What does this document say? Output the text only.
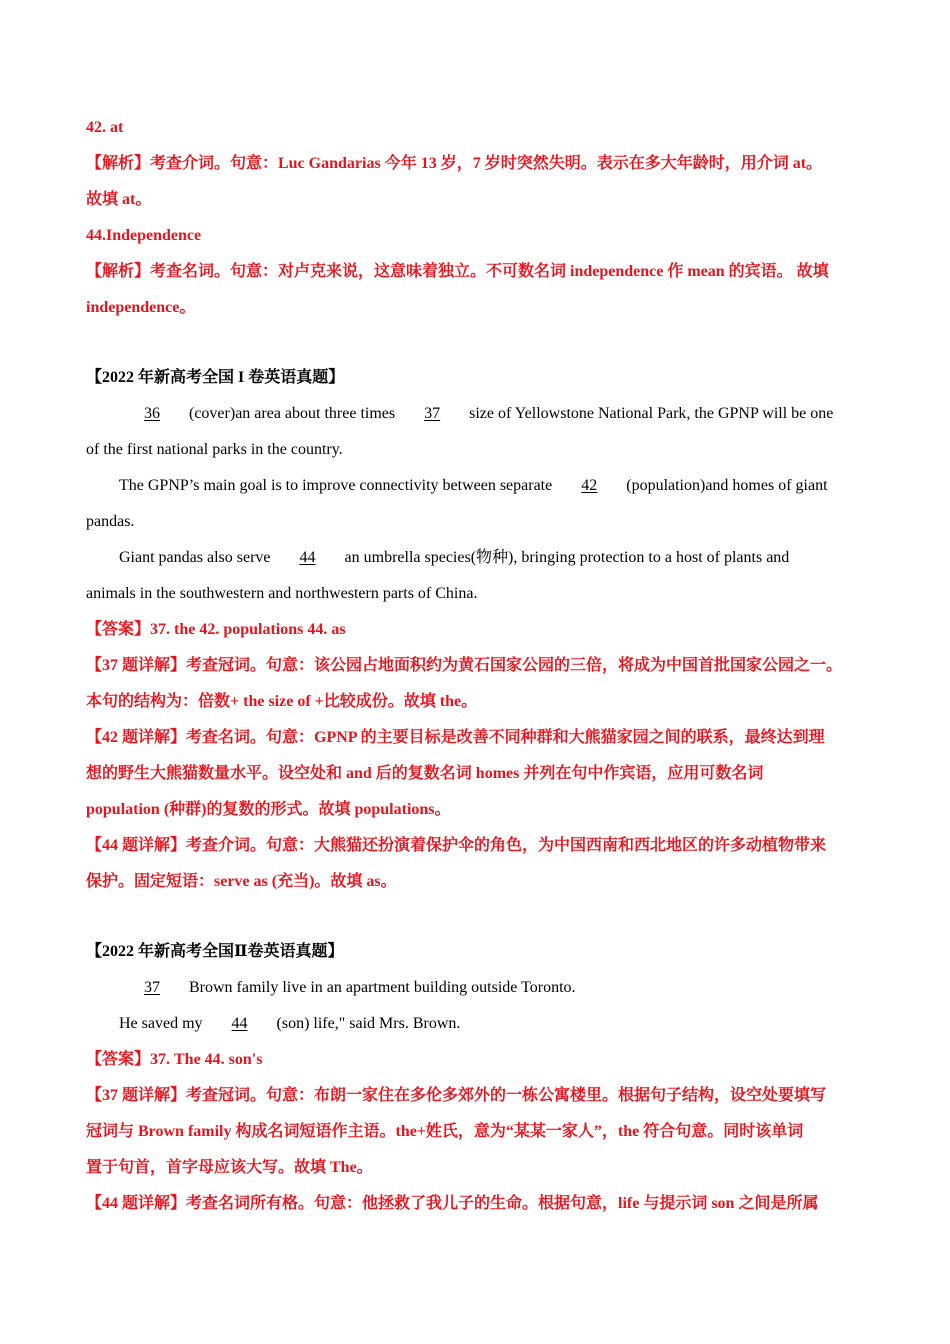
42. at
【解析】考查介词。句意：Luc Gandarias 今年 13 岁，7 岁时突然失明。表示在多大年龄时，用介词 at。
故填 at。
44.Independence
【解析】考查名词。句意：对卢克来说，这意味着独立。不可数名词 independence 作 mean 的宾语。 故填
independence。
【2022 年新高考全国 I 卷英语真题】
36 (cover)an area about three times 37 size of Yellowstone National Park, the GPNP will be one
of the first national parks in the country.
The GPNP’s main goal is to improve connectivity between separate 42 (population)and homes of giant
pandas.
Giant pandas also serve 44 an umbrella species(物种), bringing protection to a host of plants and
animals in the southwestern and northwestern parts of China.
【答案】37. the 42. populations 44. as
【37 题详解】考查冠词。句意：该公园占地面积约为黄石国家公园的三倍，将成为中国首批国家公园之一。
本句的结构为：倍数+ the size of +比较成份。故填 the。
【42 题详解】考查名词。句意：GPNP 的主要目标是改善不同种群和大熊猫家园之间的联系，最终达到理
想的野生大熊猫数量水平。设空处和 and 后的复数名词 homes 并列在句中作宾语，应用可数名词
population (种群)的复数的形式。故填 populations。
【44 题详解】考查介词。句意：大熊猫还扮演着保护伞的角色，为中国西南和西北地区的许多动植物带来
保护。固定短语：serve as (充当)。故填 as。
【2022 年新高考全国Ⅱ卷英语真题】
37 Brown family live in an apartment building outside Toronto.
He saved my 44 (son) life," said Mrs. Brown.
【答案】37. The 44. son's
【37 题详解】考查冠词。句意：布朗一家住在多伦多郊外的一栋公寓楼里。根据句子结构，设空处要填写
冠词与 Brown family 构成名词短语作主语。the+姓氏，意为“某某一家人”，the 符合句意。同时该单词
置于句首，首字母应该大写。故填 The。
【44 题详解】考查名词所有格。句意：他拯救了我儿子的生命。根据句意，life 与提示词 son 之间是所属
